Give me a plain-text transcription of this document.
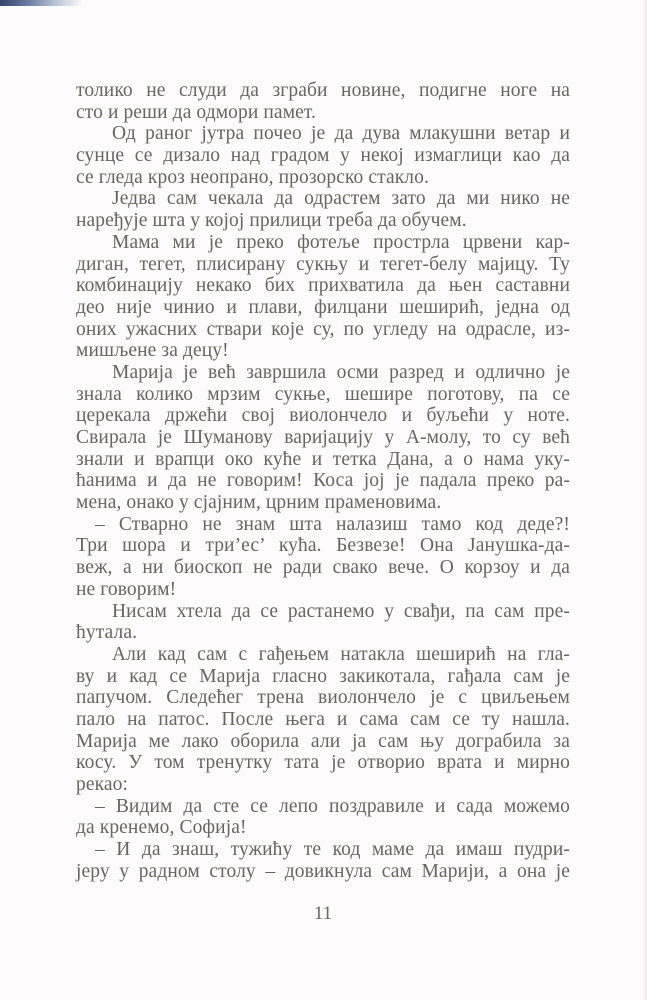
толико не слуди да зграби новине, подигне ноге на
сто и реши да одмори памет.
Од раног јутра почео је да дува млакушни ветар и
сунце се дизало над градом у некој измаглици као да
се гледа кроз неопрано, прозорско стакло.
Једва сам чекала да одрастем зато да ми нико не
наређује шта у којој прилици треба да обучем.
Мама ми је преко фотеље прострла црвени кар-
диган, тегет, плисирану сукњу и тегет-белу мајицу. Ту
комбинацију некако бих прихватила да њен саставни
део није чинио и плави, филцани шеширић, једна од
оних ужасних ствари које су, по угледу на одрасле, из-
мишљене за децу!
Марија је већ завршила осми разред и одлично је
знала колико мрзим сукње, шешире поготову, па се
церекала држећи свој виолончело и буљећи у ноте.
Свирала је Шуманову варијацију у А-молу, то су већ
знали и врапци око куће и тетка Дана, а о нама уку-
ћанима и да не говорим! Коса јој је падала преко ра-
мена, онако у сјајним, црним праменовима.
– Стварно не знам шта налазиш тамо код деде?!
Три шора и три’ес’ кућа. Безвезе! Она Јанушка-да-
веж, а ни биоскоп не ради свако вече. О корзоу и да
не говорим!
Нисам хтела да се растанемо у свађи, па сам пре-
ћутала.
Али кад сам с гађењем натакла шеширић на гла-
ву и кад се Марија гласно закикотала, гађала сам је
папучом. Следећег трена виолончело је с цвиљењем
пало на патос. После њега и сама сам се ту нашла.
Марија ме лако оборила али ја сам њу дограбила за
косу. У том тренутку тата је отворио врата и мирно
рекао:
– Видим да сте се лепо поздравиле и сада можемо
да кренемо, Софија!
– И да знаш, тужићу те код маме да имаш пудри-
јеру у радном столу – довикнула сам Марији, а она је
11
